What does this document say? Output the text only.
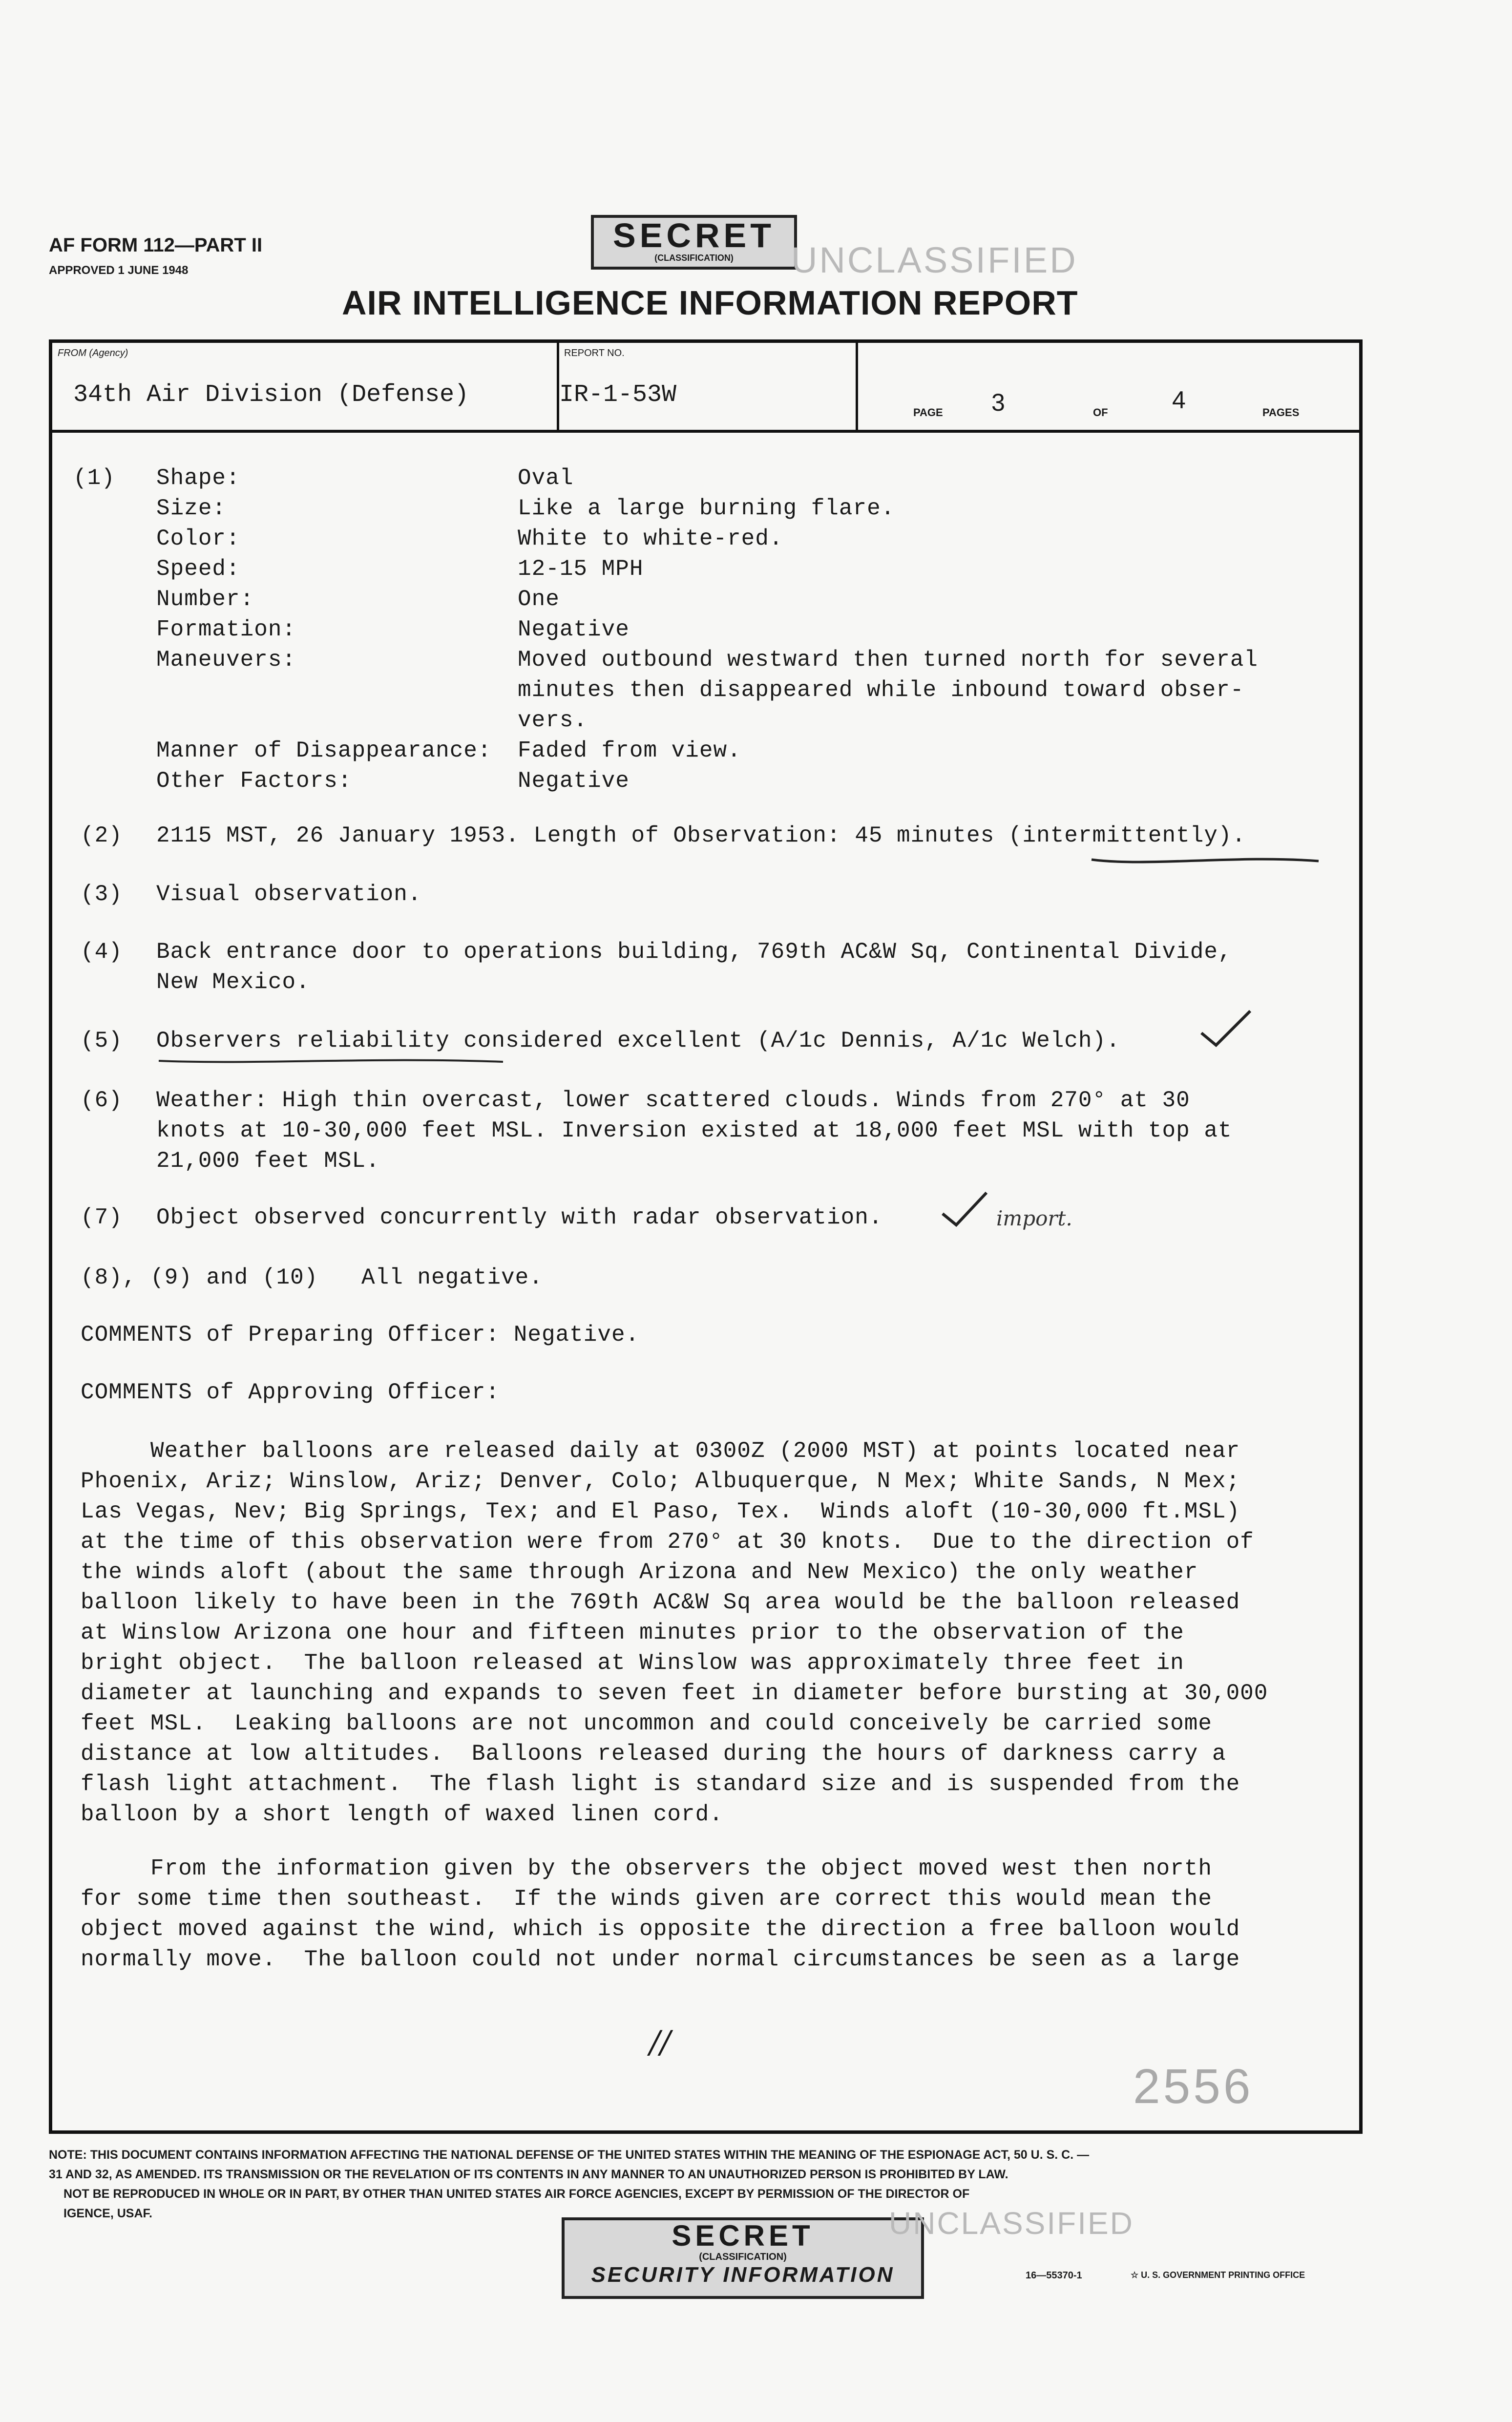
AF FORM 112—PART II
APPROVED 1 JUNE 1948
SECRET
(CLASSIFICATION)	UNCLASSIFIED
AIR INTELLIGENCE INFORMATION REPORT
FROM (Agency)
34th Air Division (Defense)
REPORT NO.
IR-1-53W
PAGE 3	OF	4	PAGES
(1) Shape:	Oval
Size:	Like a large burning flare.
Color:	White to white-red.
Speed:	12-15 MPH
Number:	One
Formation:	Negative
Maneuvers:	Moved outbound westward then turned north for several
minutes then disappeared while inbound toward obser-
vers.
Manner of Disappearance:	Faded from view.
Other Factors:	Negative
(2) 2115 MST, 26 January 1953. Length of Observation: 45 minutes (intermittently).
(3) Visual observation.
(4) Back entrance door to operations building, 769th AC&W Sq, Continental Divide,
New Mexico.
(5) Observers reliability considered excellent (A/1c Dennis, A/1c Welch).
(6) Weather: High thin overcast, lower scattered clouds. Winds from 270° at 30
knots at 10-30,000 feet MSL. Inversion existed at 18,000 feet MSL with top at
21,000 feet MSL.
(7) Object observed concurrently with radar observation.	import.
(8), (9) and (10) All negative.
COMMENTS of Preparing Officer: Negative.
COMMENTS of Approving Officer:
Weather balloons are released daily at 0300Z (2000 MST) at points located near
Phoenix, Ariz; Winslow, Ariz; Denver, Colo; Albuquerque, N Mex; White Sands, N Mex;
Las Vegas, Nev; Big Springs, Tex; and El Paso, Tex.  Winds aloft (10-30,000 ft.MSL)
at the time of this observation were from 270° at 30 knots.  Due to the direction of
the winds aloft (about the same through Arizona and New Mexico) the only weather
balloon likely to have been in the 769th AC&W Sq area would be the balloon released
at Winslow Arizona one hour and fifteen minutes prior to the observation of the
bright object.  The balloon released at Winslow was approximately three feet in
diameter at launching and expands to seven feet in diameter before bursting at 30,000
feet MSL.  Leaking balloons are not uncommon and could conceively be carried some
distance at low altitudes.  Balloons released during the hours of darkness carry a
flash light attachment.  The flash light is standard size and is suspended from the
balloon by a short length of waxed linen cord.
From the information given by the observers the object moved west then north
for some time then southeast.  If the winds given are correct this would mean the
object moved against the wind, which is opposite the direction a free balloon would
normally move.  The balloon could not under normal circumstances be seen as a large
//
2556
NOTE: THIS DOCUMENT CONTAINS INFORMATION AFFECTING THE NATIONAL DEFENSE OF THE UNITED STATES WITHIN THE MEANING OF THE ESPIONAGE ACT, 50 U. S. C. —
31 AND 32, AS AMENDED. ITS TRANSMISSION OR THE REVELATION OF ITS CONTENTS IN ANY MANNER TO AN UNAUTHORIZED PERSON IS PROHIBITED BY LAW.
NOT BE REPRODUCED IN WHOLE OR IN PART, BY OTHER THAN UNITED STATES AIR FORCE AGENCIES, EXCEPT BY PERMISSION OF THE DIRECTOR OF
IGENCE, USAF.
SECRET
(CLASSIFICATION)
SECURITY INFORMATION
UNCLASSIFIED
16—55370-1	☆ U. S. GOVERNMENT PRINTING OFFICE
